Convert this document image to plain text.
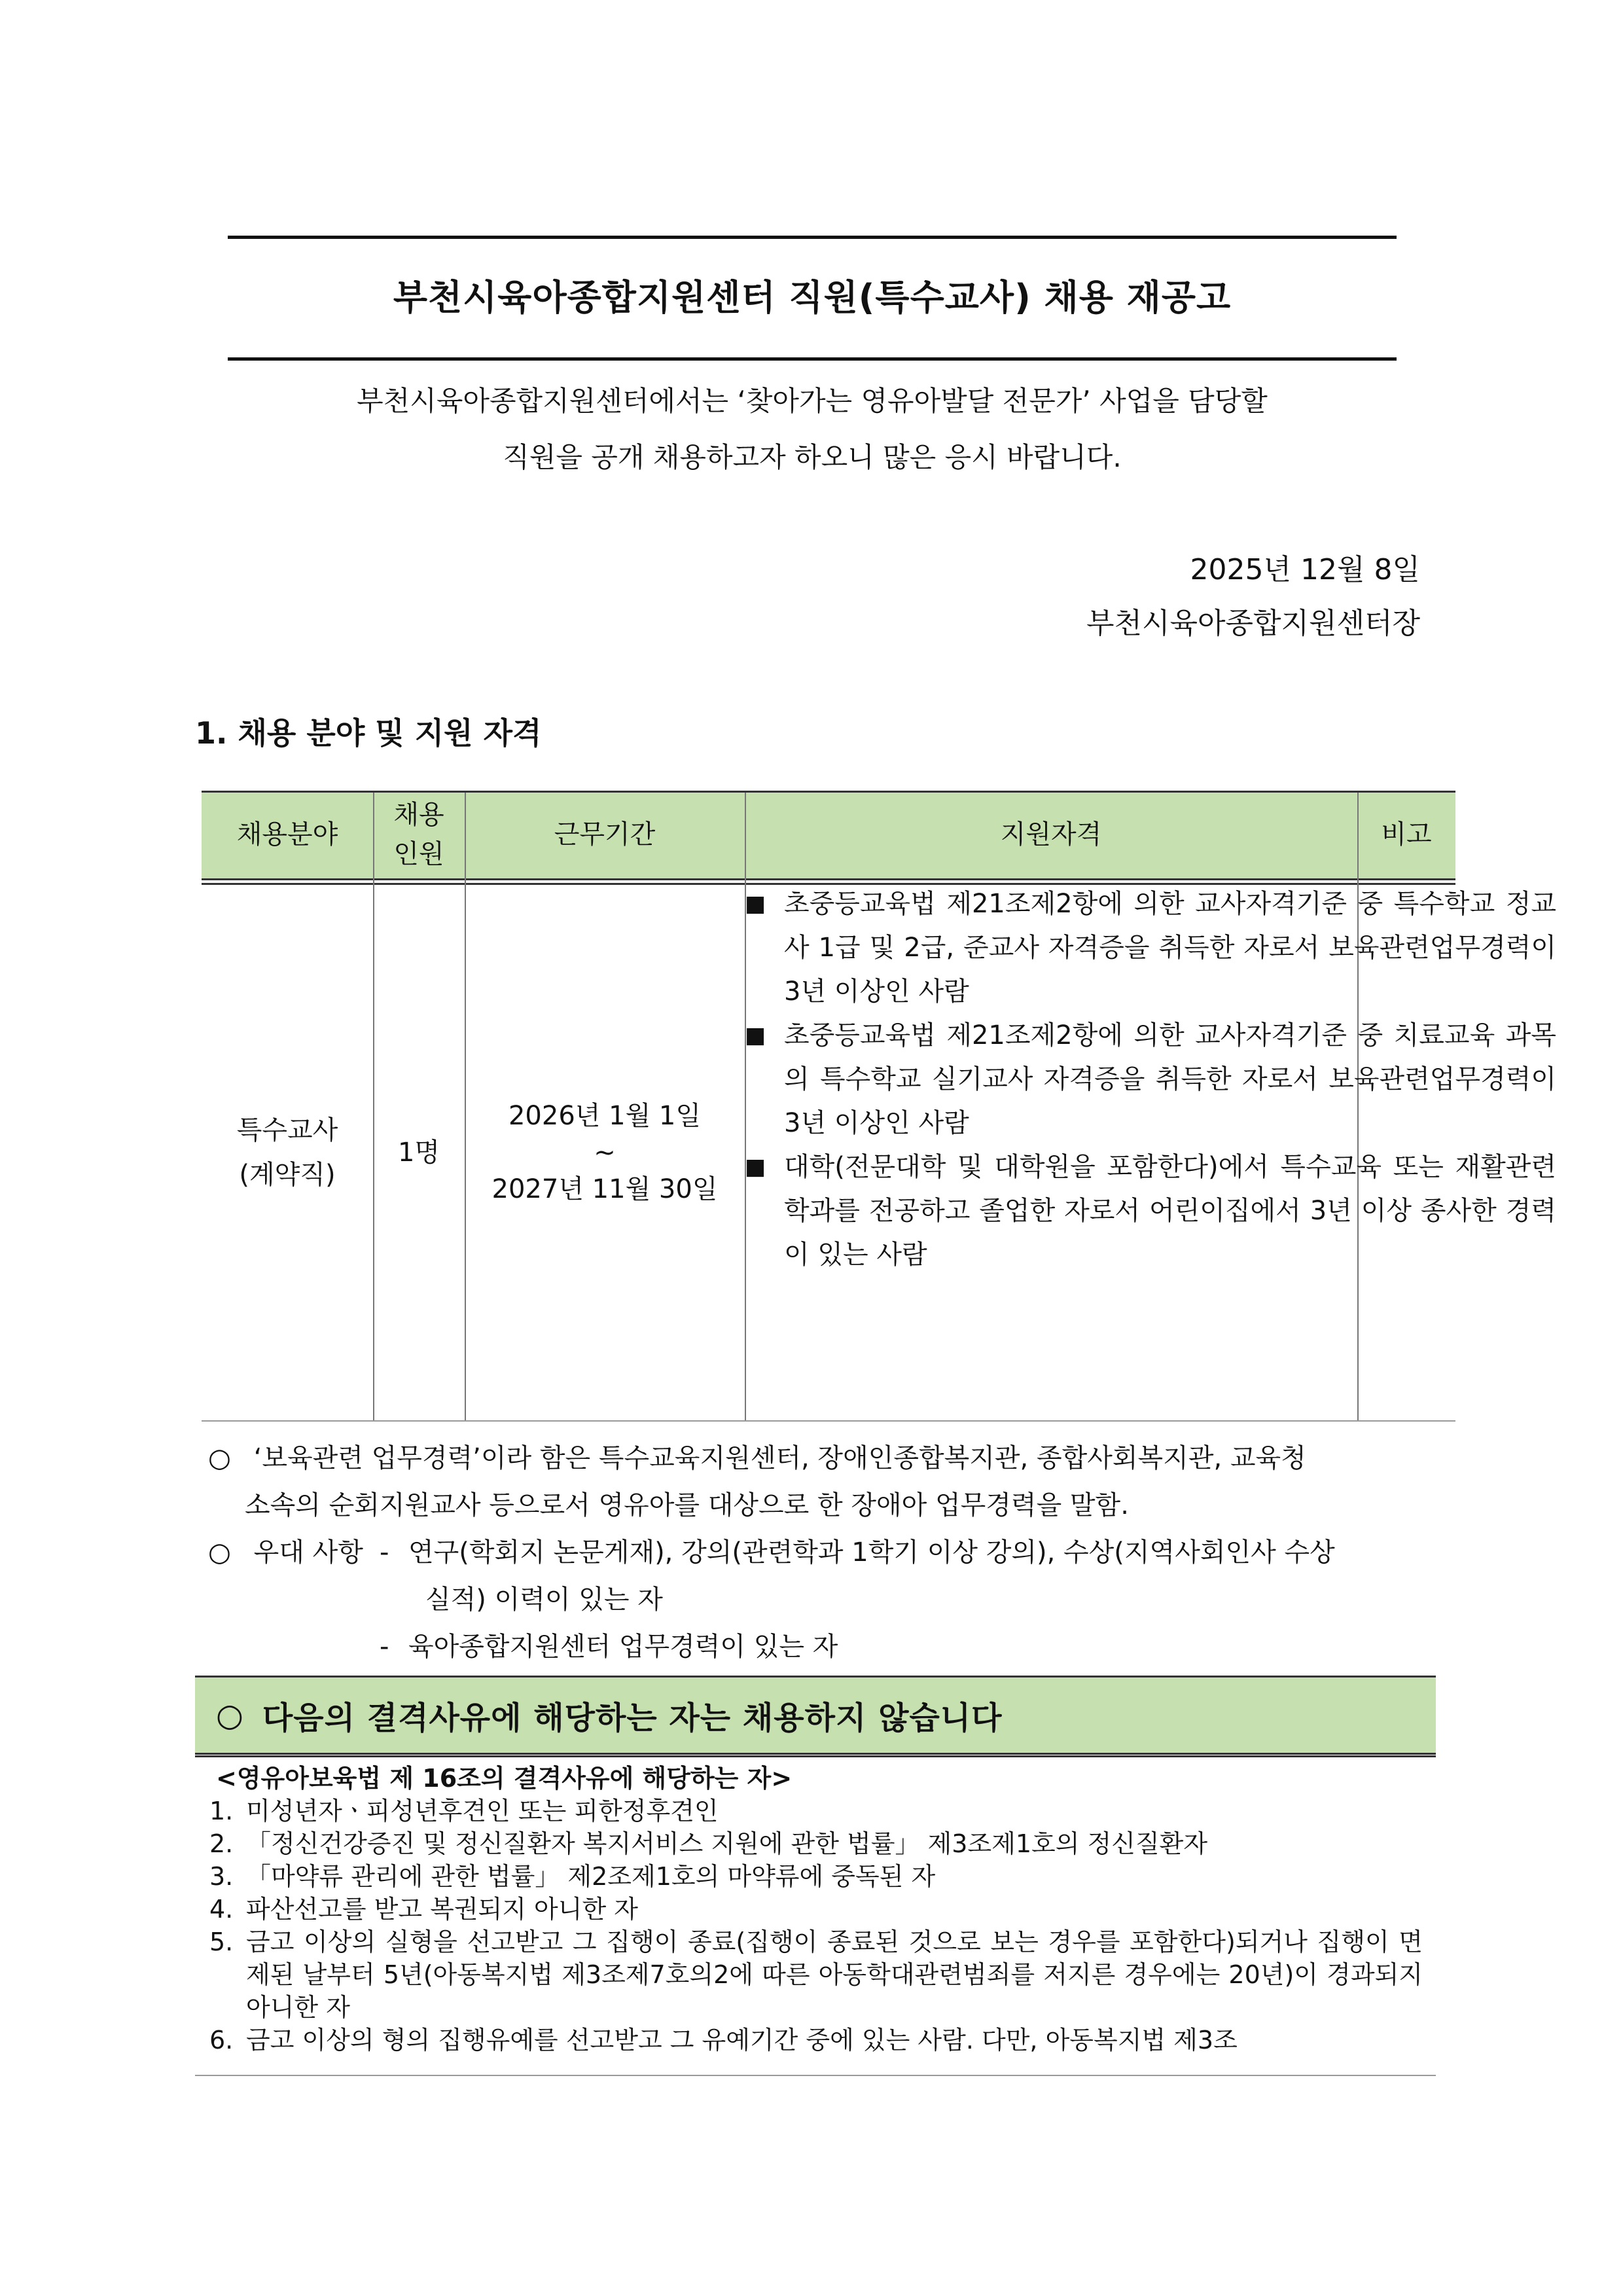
부천시육아종합지원센터 직원(특수교사) 채용 재공고
부천시육아종합지원센터에서는 ‘찾아가는 영유아발달 전문가’ 사업을 담당할
직원을 공개 채용하고자 하오니 많은 응시 바랍니다.
2025년 12월 8일
부천시육아종합지원센터장
1. 채용 분야 및 지원 자격
채용분야
채용
인원
근무기간	지원자격	비고
특수교사
(계약직)
1명
2026년 1월 1일
~
2027년 11월 30일
■ 초중등교육법 제21조제2항에 의한 교사자격기준 중 특수학교 정교사 1급 및 2급, 준교사 자격증을 취득한 자로서 보육관련업무경력이 3년 이상인 사람
■ 초중등교육법 제21조제2항에 의한 교사자격기준 중 치료교육 과목의 특수학교 실기교사 자격증을 취득한 자로서 보육관련업무경력이 3년 이상인 사람
■ 대학(전문대학 및 대학원을 포함한다)에서 특수교육 또는 재활관련학과를 전공하고 졸업한 자로서 어린이집에서 3년 이상 종사한 경력이 있는 사람
○ ‘보육관련 업무경력’이라 함은 특수교육지원센터, 장애인종합복지관, 종합사회복지관, 교육청
소속의 순회지원교사 등으로서 영유아를 대상으로 한 장애아 업무경력을 말함.
○ 우대 사항 - 연구(학회지 논문게재), 강의(관련학과 1학기 이상 강의), 수상(지역사회인사 수상
실적) 이력이 있는 자
- 육아종합지원센터 업무경력이 있는 자
○ 다음의 결격사유에 해당하는 자는 채용하지 않습니다
<영유아보육법 제 16조의 결격사유에 해당하는 자>
1. 미성년자ㆍ피성년후견인 또는 피한정후견인
2. 「정신건강증진 및 정신질환자 복지서비스 지원에 관한 법률」 제3조제1호의 정신질환자
3. 「마약류 관리에 관한 법률」 제2조제1호의 마약류에 중독된 자
4. 파산선고를 받고 복권되지 아니한 자
5. 금고 이상의 실형을 선고받고 그 집행이 종료(집행이 종료된 것으로 보는 경우를 포함한다)되거나 집행이 면제된 날부터 5년(아동복지법 제3조제7호의2에 따른 아동학대관련범죄를 저지른 경우에는 20년)이 경과되지 아니한 자
6. 금고 이상의 형의 집행유예를 선고받고 그 유예기간 중에 있는 사람. 다만, 아동복지법 제3조
